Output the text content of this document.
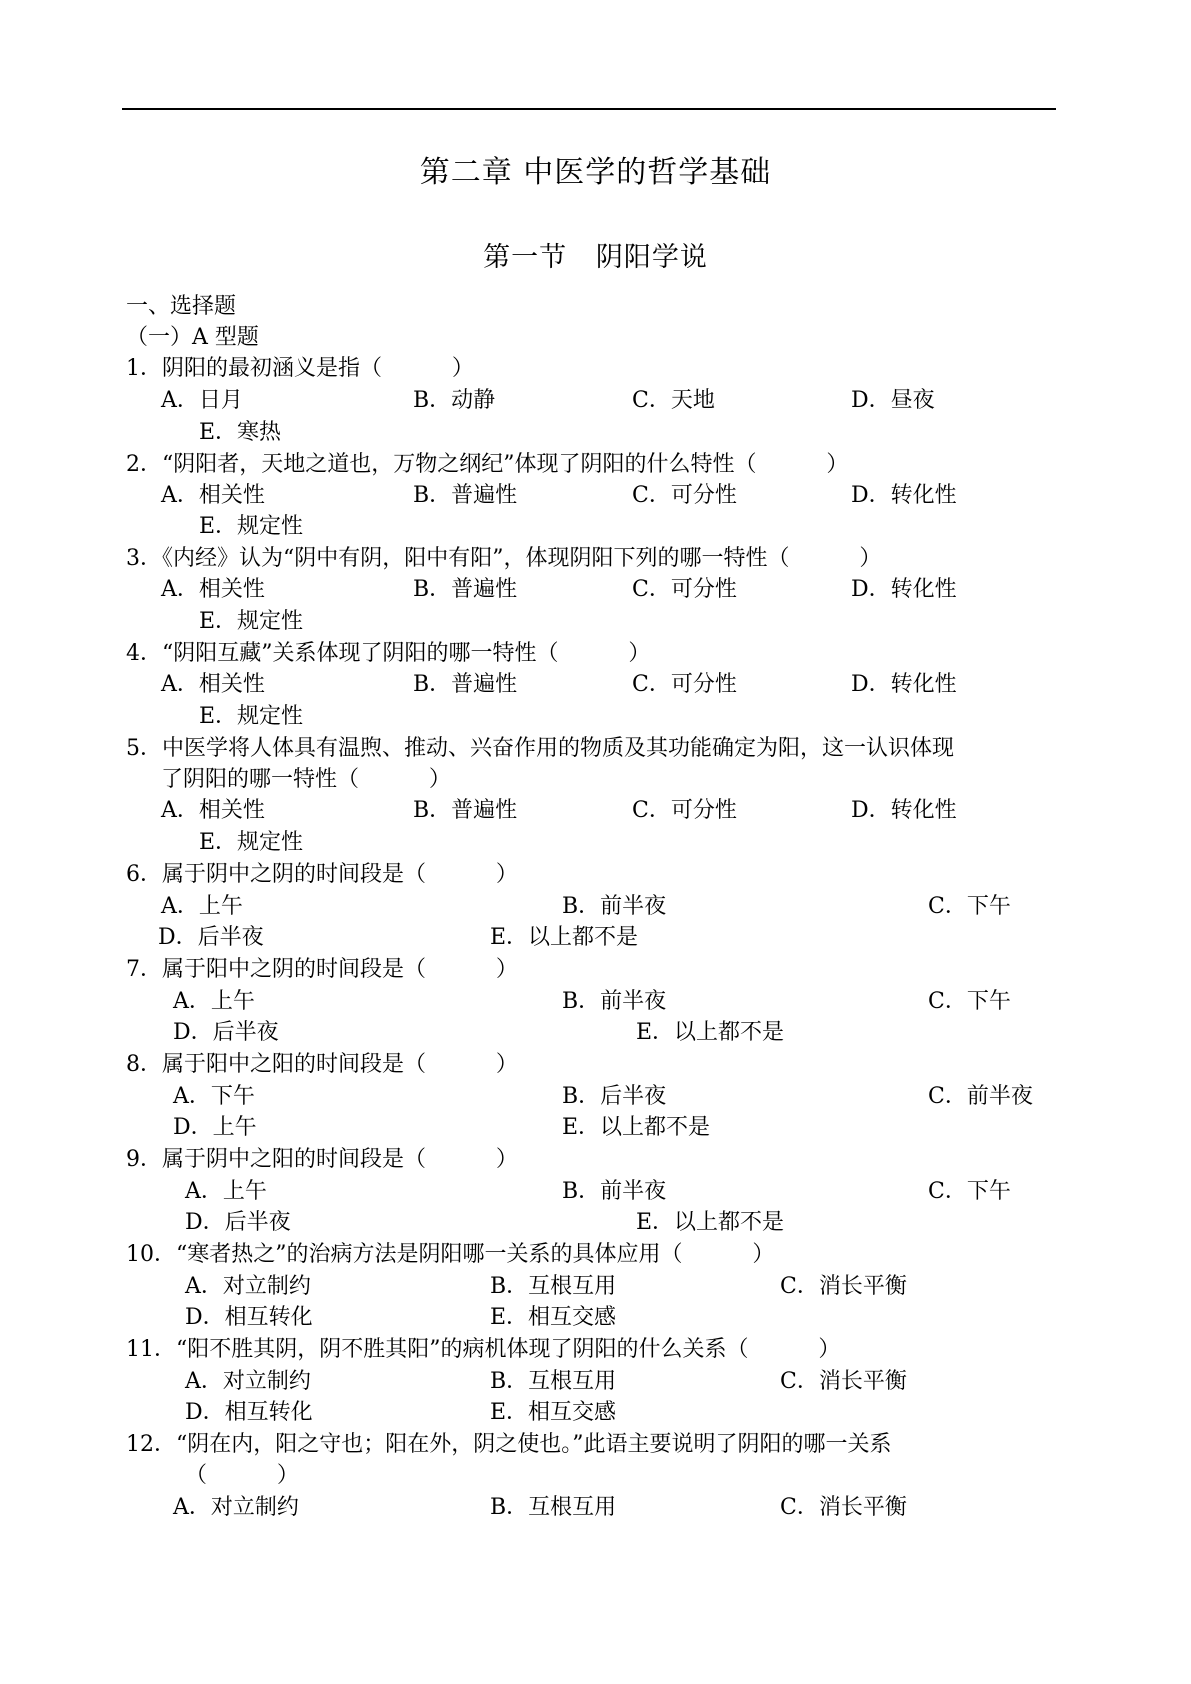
第二章 中医学的哲学基础
第一节   阴阳学说
一、选择题
（一）A 型题
1．阴阳的最初涵义是指（          ）
A．日月	B．动静	C．天地	D．昼夜
E．寒热
2．“阴阳者，天地之道也，万物之纲纪”体现了阴阳的什么特性（          ）
A．相关性	B．普遍性	C．可分性	D．转化性
E．规定性
3．《内经》认为“阴中有阴，阳中有阳”，体现阴阳下列的哪一特性（          ）
A．相关性	B．普遍性	C．可分性	D．转化性
E．规定性
4．“阴阳互藏”关系体现了阴阳的哪一特性（          ）
A．相关性	B．普遍性	C．可分性	D．转化性
E．规定性
5．中医学将人体具有温煦、推动、兴奋作用的物质及其功能确定为阳，这一认识体现
了阴阳的哪一特性（          ）
A．相关性	B．普遍性	C．可分性	D．转化性
E．规定性
6．属于阴中之阴的时间段是（          ）
A．上午	B．前半夜	C．下午
D．后半夜	E．以上都不是
7．属于阳中之阴的时间段是（          ）
A．上午	B．前半夜	C．下午
D．后半夜	E．以上都不是
8．属于阳中之阳的时间段是（          ）
A．下午	B．后半夜	C．前半夜
D．上午	E．以上都不是
9．属于阴中之阳的时间段是（          ）
A．上午	B．前半夜	C．下午
D．后半夜	E．以上都不是
10．“寒者热之”的治病方法是阴阳哪一关系的具体应用（          ）
A．对立制约	B．互根互用	C．消长平衡
D．相互转化	E．相互交感
11．“阳不胜其阴，阴不胜其阳”的病机体现了阴阳的什么关系（          ）
A．对立制约	B．互根互用	C．消长平衡
D．相互转化	E．相互交感
12．“阴在内，阳之守也；阳在外，阴之使也。”此语主要说明了阴阳的哪一关系
（          ）
A．对立制约	B．互根互用	C．消长平衡
